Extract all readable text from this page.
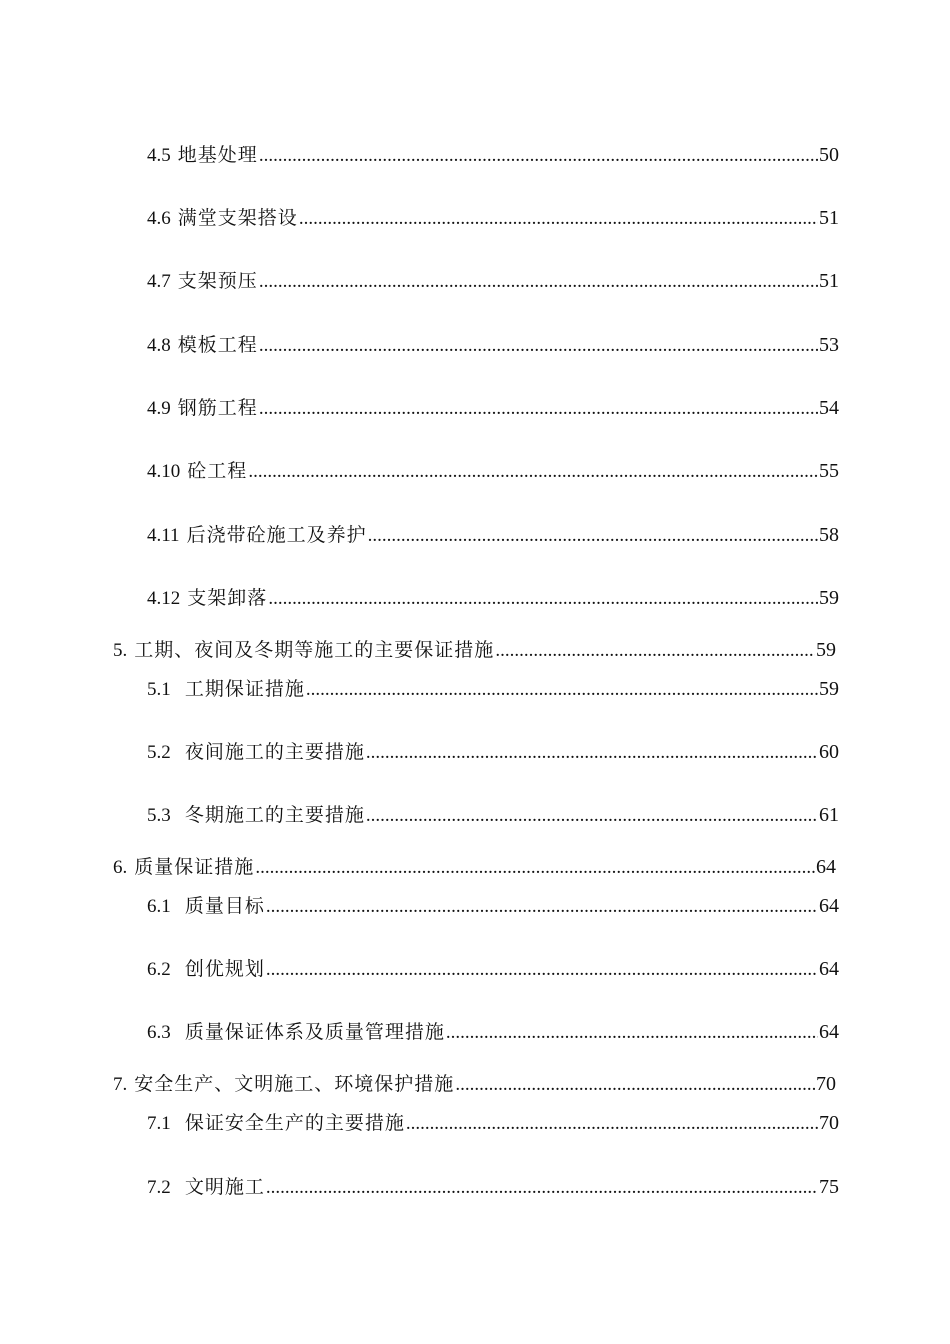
4.5 地基处理 .....	50
4.6 满堂支架搭设 .....	51
4.7 支架预压 .....	51
4.8 模板工程 .....	53
4.9 钢筋工程 .....	54
4.10 砼工程 .....	55
4.11 后浇带砼施工及养护 .....	58
4.12 支架卸落 .....	59
5. 工期、夜间及冬期等施工的主要保证措施 .....	59
5.1 工期保证措施 .....	59
5.2 夜间施工的主要措施 .....	60
5.3 冬期施工的主要措施 .....	61
6. 质量保证措施 .....	64
6.1 质量目标 .....	64
6.2 创优规划 .....	64
6.3 质量保证体系及质量管理措施 .....	64
7. 安全生产、文明施工、环境保护措施 .....	70
7.1 保证安全生产的主要措施 .....	70
7.2 文明施工 .....	75
